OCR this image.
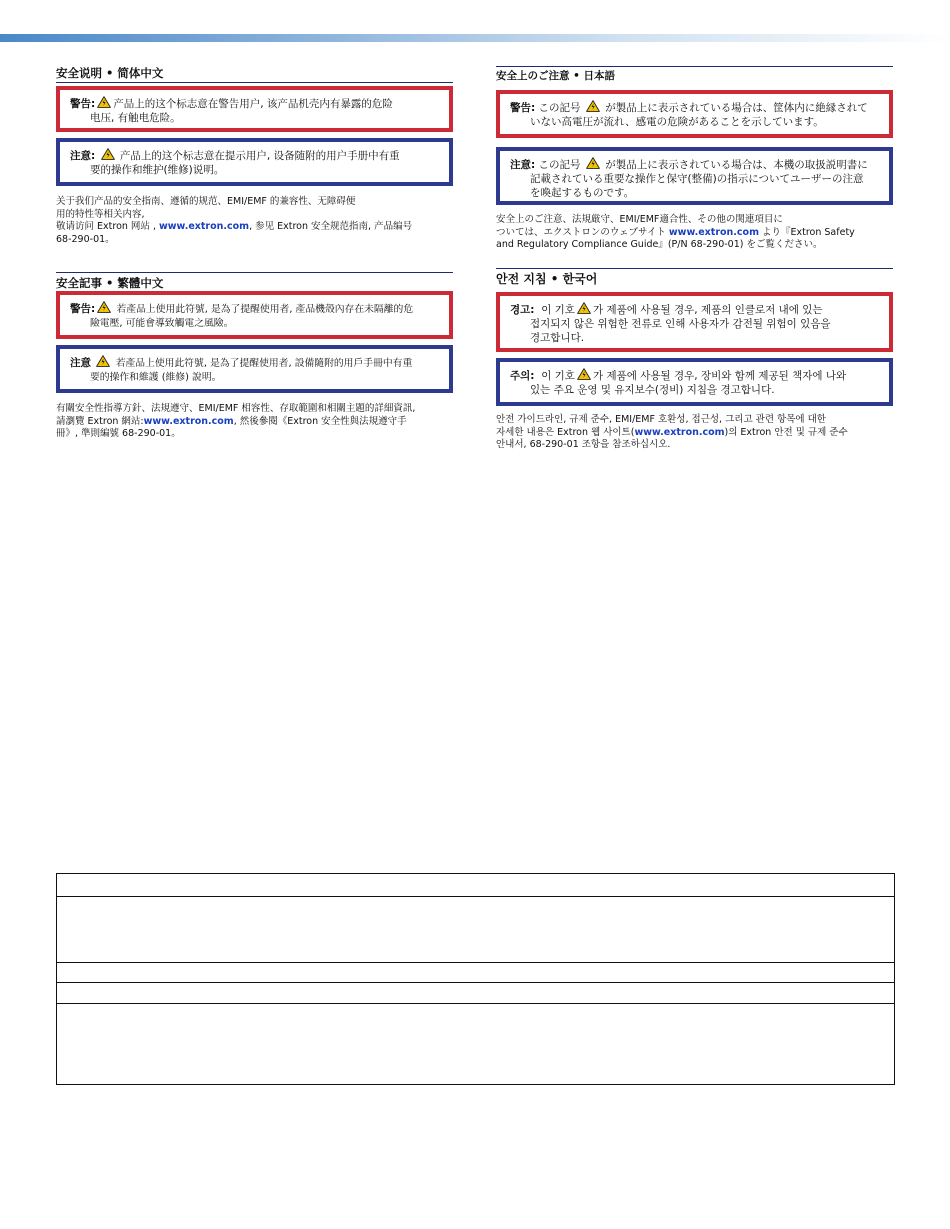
安全说明 • 简体中文
警告: 产品上的这个标志意在警告用户, 该产品机壳内有暴露的危险
电压, 有触电危险。
注意: 产品上的这个标志意在提示用户, 设备随附的用户手册中有重
要的操作和维护(维修)说明。
关于我们产品的安全指南、遵循的规范、EMI/EMF 的兼容性、无障碍便
用的特性等相关内容,
敬请访问 Extron 网站 , www.extron.com, 参见 Extron 安全规范指南, 产品编号
68-290-01。
安全記事 • 繁體中文
警告: 若產品上使用此符號, 是為了提醒使用者, 產品機殼內存在未隔離的危
險電壓, 可能會導致觸電之風險。
注意	若產品上使用此符號, 是為了提醒使用者, 設備隨附的用戶手冊中有重
要的操作和維護 (維修) 說明。
有關安全性指導方針、法規遵守、EMI/EMF 相容性、存取範圍和相關主題的詳細資訊,
請瀏覽 Extron 網站:www.extron.com, 然後參閱《Extron 安全性與法規遵守手
冊》, 準則編號 68-290-01。
安全上のご注意 • 日本語
警告: この記号 が製品上に表示されている場合は、筐体内に絶縁されて
いない高電圧が流れ、感電の危険があることを示しています。
注意: この記号 が製品上に表示されている場合は、本機の取扱説明書に
記載されている重要な操作と保守(整備)の指示についてユーザーの注意
を喚起するものです。
安全上のご注意、法規厳守、EMI/EMF適合性、その他の関連項目に
ついては、エクストロンのウェブサイト www.extron.com より『Extron Safety
and Regulatory Compliance Guide』(P/N 68-290-01) をご覧ください。
안전 지침 • 한국어
경고: 이 기호 가 제품에 사용될 경우, 제품의 인클로저 내에 있는
접지되지 않은 위험한 전류로 인해 사용자가 감전될 위험이 있음을
경고합니다.
주의: 이 기호 가 제품에 사용될 경우, 장비와 함께 제공된 책자에 나와
있는 주요 운영 및 유지보수(정비) 지침을 경고합니다.
안전 가이드라인, 규제 준수, EMI/EMF 호환성, 접근성, 그리고 관련 항목에 대한
자세한 내용은 Extron 웹 사이트(www.extron.com)의 Extron 안전 및 규제 준수
안내서, 68-290-01 조항을 참조하십시오.
